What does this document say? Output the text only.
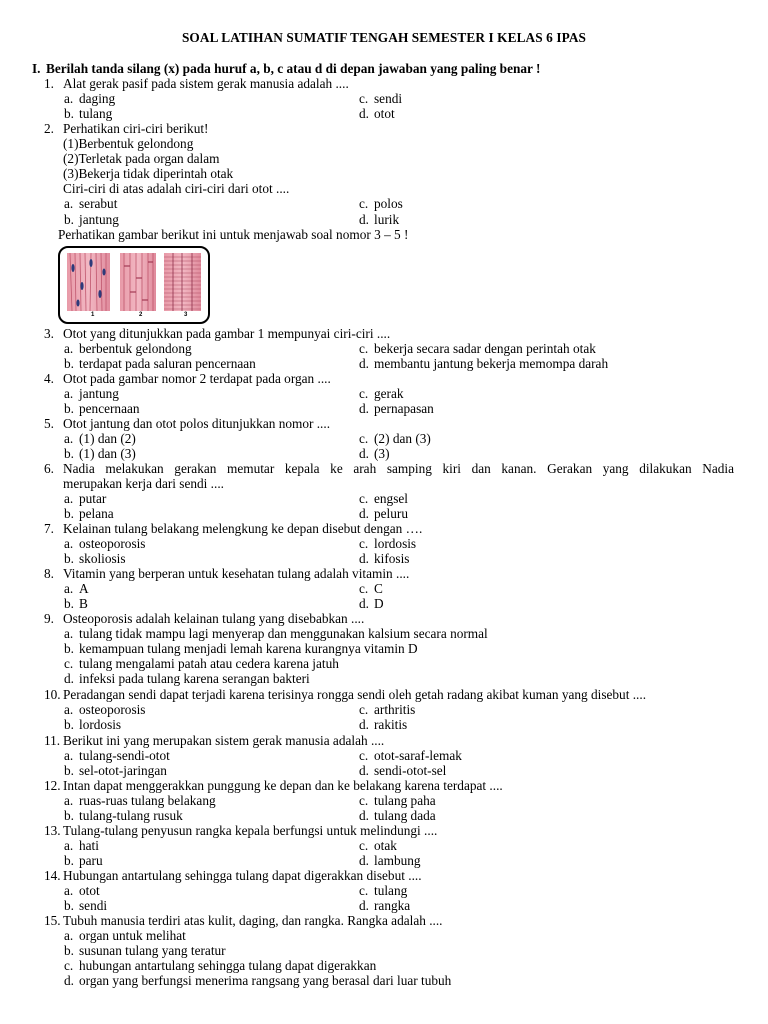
SOAL LATIHAN SUMATIF TENGAH SEMESTER I KELAS 6 IPAS
I. Berilah tanda silang (x) pada huruf a, b, c atau d di depan jawaban yang paling benar !
1. Alat gerak pasif pada sistem gerak manusia adalah ....
a. daging	c. sendi
b. tulang	d. otot
2. Perhatikan ciri-ciri berikut!
(1)Berbentuk gelondong
(2)Terletak pada organ dalam
(3)Bekerja tidak diperintah otak
Ciri-ciri di atas adalah ciri-ciri dari otot ....
a. serabut	c. polos
b. jantung	d. lurik
3. Otot yang ditunjukkan pada gambar 1 mempunyai ciri-ciri ....
a. berbentuk gelondong	c. bekerja secara sadar dengan perintah otak
b. terdapat pada saluran pencernaan	d. membantu jantung bekerja memompa darah
4. Otot pada gambar nomor 2 terdapat pada organ ....
a. jantung	c. gerak
b. pencernaan	d. pernapasan
5. Otot jantung dan otot polos ditunjukkan nomor ....
a. (1) dan (2)	c. (2) dan (3)
b. (1) dan (3)	d. (3)
6. Nadia melakukan gerakan memutar kepala ke arah samping kiri dan kanan. Gerakan yang dilakukan Nadia
merupakan kerja dari sendi ....
a. putar	c. engsel
b. pelana	d. peluru
7. Kelainan tulang belakang melengkung ke depan disebut dengan ….
a. osteoporosis	c. lordosis
b. skoliosis	d. kifosis
8. Vitamin yang berperan untuk kesehatan tulang adalah vitamin ....
a. A	c. C
b. B	d. D
9. Osteoporosis adalah kelainan tulang yang disebabkan ....
a. tulang tidak mampu lagi menyerap dan menggunakan kalsium secara normal
b. kemampuan tulang menjadi lemah karena kurangnya vitamin D
c. tulang mengalami patah atau cedera karena jatuh
d. infeksi pada tulang karena serangan bakteri
10. Peradangan sendi dapat terjadi karena terisinya rongga sendi oleh getah radang akibat kuman yang disebut ....
a. osteoporosis	c. arthritis
b. lordosis	d. rakitis
11. Berikut ini yang merupakan sistem gerak manusia adalah ....
a. tulang-sendi-otot	c. otot-saraf-lemak
b. sel-otot-jaringan	d. sendi-otot-sel
12. Intan dapat menggerakkan punggung ke depan dan ke belakang karena terdapat ....
a. ruas-ruas tulang belakang	c. tulang paha
b. tulang-tulang rusuk	d. tulang dada
13. Tulang-tulang penyusun rangka kepala berfungsi untuk melindungi ....
a. hati	c. otak
b. paru	d. lambung
14. Hubungan antartulang sehingga tulang dapat digerakkan disebut ....
a. otot	c. tulang
b. sendi	d. rangka
15. Tubuh manusia terdiri atas kulit, daging, dan rangka. Rangka adalah ....
a. organ untuk melihat
b. susunan tulang yang teratur
c. hubungan antartulang sehingga tulang dapat digerakkan
d. organ yang berfungsi menerima rangsang yang berasal dari luar tubuh
Perhatikan gambar berikut ini untuk menjawab soal nomor 3 – 5 !
1	2	3
